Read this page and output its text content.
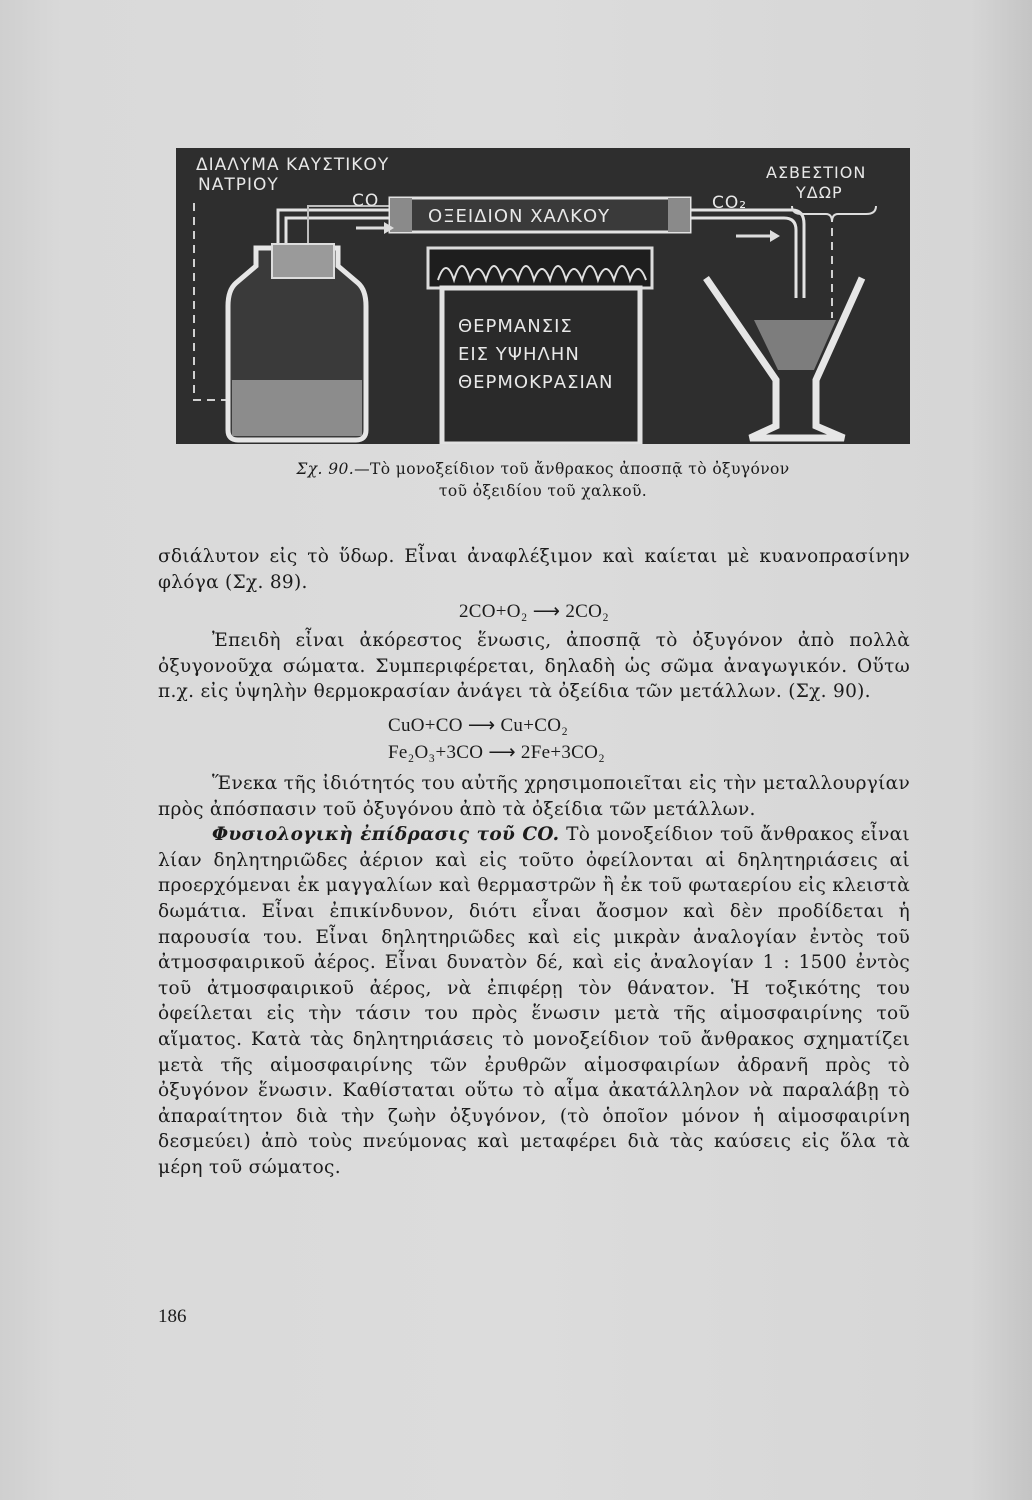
ΟΞΕΙΔΙΟΝ ΧΑΛΚΟΥ
ΘΕΡΜΑΝΣΙΣ
ΕΙΣ ΥΨΗΛΗΝ
ΘΕΡΜΟΚΡΑΣΙΑΝ
ΔΙΑΛΥΜΑ ΚΑΥΣΤΙΚΟΥ
ΝΑΤΡΙΟΥ
CO	CO₂
ΑΣΒΕΣΤΙΟΝ
ΥΔΩΡ
Σχ. 90.—Τὸ μονοξείδιον τοῦ ἄνθρακος ἀποσπᾷ τὸ ὀξυγόνον
τοῦ ὀξειδίου τοῦ χαλκοῦ.

σδιάλυτον εἰς τὸ ὕδωρ. Εἶναι ἀναφλέξιμον καὶ καίεται μὲ κυανοπρασίνην φλόγα (Σχ. 89).

2CO+O₂ ⟶ 2CO₂

Ἐπειδὴ εἶναι ἀκόρεστος ἕνωσις, ἀποσπᾷ τὸ ὀξυγόνον ἀπὸ πολλὰ ὀξυγονοῦχα σώματα. Συμπεριφέρεται, δηλαδὴ ὡς σῶμα ἀναγωγικόν. Οὕτω π.χ. εἰς ὑψηλὴν θερμοκρασίαν ἀνάγει τὰ ὀξείδια τῶν μετάλλων. (Σχ. 90).

CuO+CO ⟶ Cu+CO₂
Fe₂O₃+3CO ⟶ 2Fe+3CO₂

Ἕνεκα τῆς ἰδιότητός του αὐτῆς χρησιμοποιεῖται εἰς τὴν μεταλλουργίαν πρὸς ἀπόσπασιν τοῦ ὀξυγόνου ἀπὸ τὰ ὀξείδια τῶν μετάλλων.

Φυσιολογικὴ ἐπίδρασις τοῦ CO. Τὸ μονοξείδιον τοῦ ἄνθρακος εἶναι λίαν δηλητηριῶδες ἀέριον καὶ εἰς τοῦτο ὀφείλονται αἱ δηλητηριάσεις αἱ προερχόμεναι ἐκ μαγγαλίων καὶ θερμαστρῶν ἢ ἐκ τοῦ φωταερίου εἰς κλειστὰ δωμάτια. Εἶναι ἐπικίνδυνον, διότι εἶναι ἄοσμον καὶ δὲν προδίδεται ἡ παρουσία του. Εἶναι δηλητηριῶδες καὶ εἰς μικρὰν ἀναλογίαν ἐντὸς τοῦ ἀτμοσφαιρικοῦ ἀέρος. Εἶναι δυνατὸν δέ, καὶ εἰς ἀναλογίαν 1 : 1500 ἐντὸς τοῦ ἀτμοσφαιρικοῦ ἀέρος, νὰ ἐπιφέρῃ τὸν θάνατον. Ἡ τοξικότης του ὀφείλεται εἰς τὴν τάσιν του πρὸς ἕνωσιν μετὰ τῆς αἱμοσφαιρίνης τοῦ αἵματος. Κατὰ τὰς δηλητηριάσεις τὸ μονοξείδιον τοῦ ἄνθρακος σχηματίζει μετὰ τῆς αἱμοσφαιρίνης τῶν ἐρυθρῶν αἱμοσφαιρίων ἀδρανῆ πρὸς τὸ ὀξυγόνον ἕνωσιν. Καθίσταται οὕτω τὸ αἷμα ἀκατάλληλον νὰ παραλάβῃ τὸ ἀπαραίτητον διὰ τὴν ζωὴν ὀξυγόνον, (τὸ ὁποῖον μόνον ἡ αἱμοσφαιρίνη δεσμεύει) ἀπὸ τοὺς πνεύμονας καὶ μεταφέρει διὰ τὰς καύσεις εἰς ὅλα τὰ μέρη τοῦ σώματος.

186
